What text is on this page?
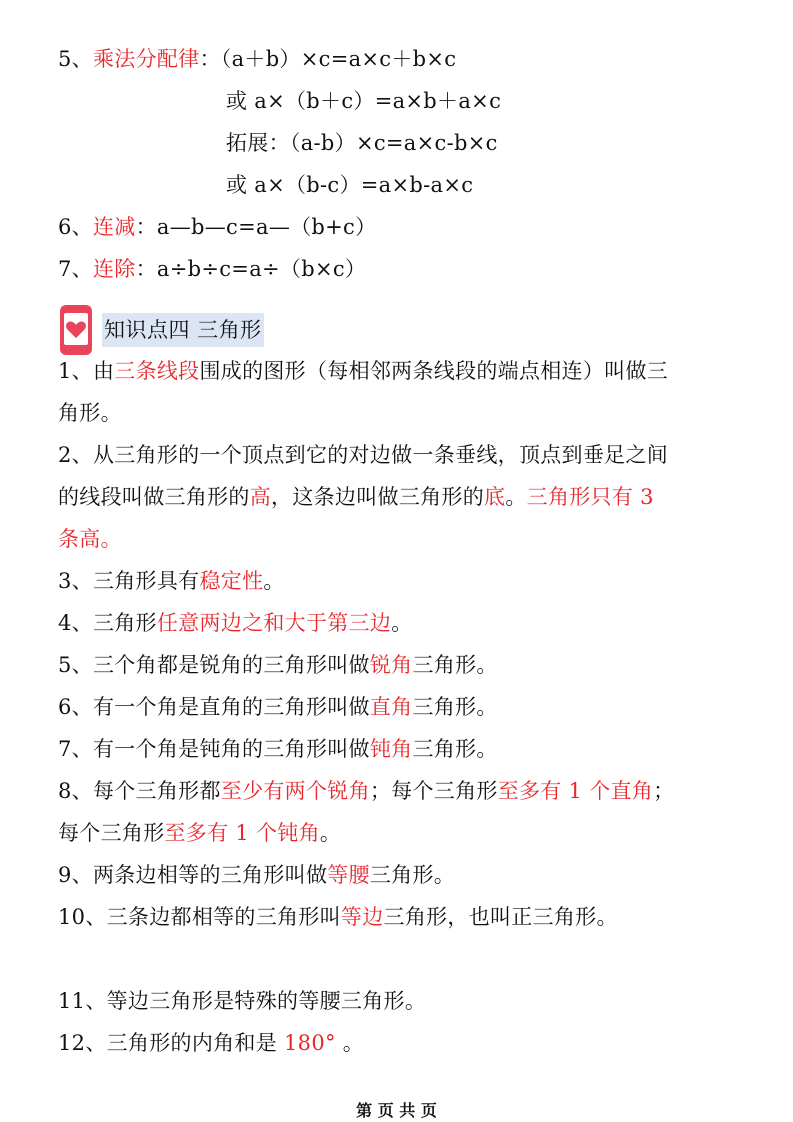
5、乘法分配律：（a＋b）×c=a×c＋b×c
或 a×（b＋c）=a×b＋a×c
拓展：（a-b）×c=a×c-b×c
或 a×（b-c）=a×b-a×c
6、连减：a—b—c=a—（b+c）
7、连除：a÷b÷c=a÷（b×c）
知识点四 三角形
1、由三条线段围成的图形（每相邻两条线段的端点相连）叫做三
角形。
2、从三角形的一个顶点到它的对边做一条垂线，顶点到垂足之间
的线段叫做三角形的高，这条边叫做三角形的底。三角形只有 3
条高。
3、三角形具有稳定性。
4、三角形任意两边之和大于第三边。
5、三个角都是锐角的三角形叫做锐角三角形。
6、有一个角是直角的三角形叫做直角三角形。
7、有一个角是钝角的三角形叫做钝角三角形。
8、每个三角形都至少有两个锐角；每个三角形至多有 1 个直角；
每个三角形至多有 1 个钝角。
9、两条边相等的三角形叫做等腰三角形。
10、三条边都相等的三角形叫等边三角形，也叫正三角形。
11、等边三角形是特殊的等腰三角形。
12、三角形的内角和是 180° 。
第 页 共 页
